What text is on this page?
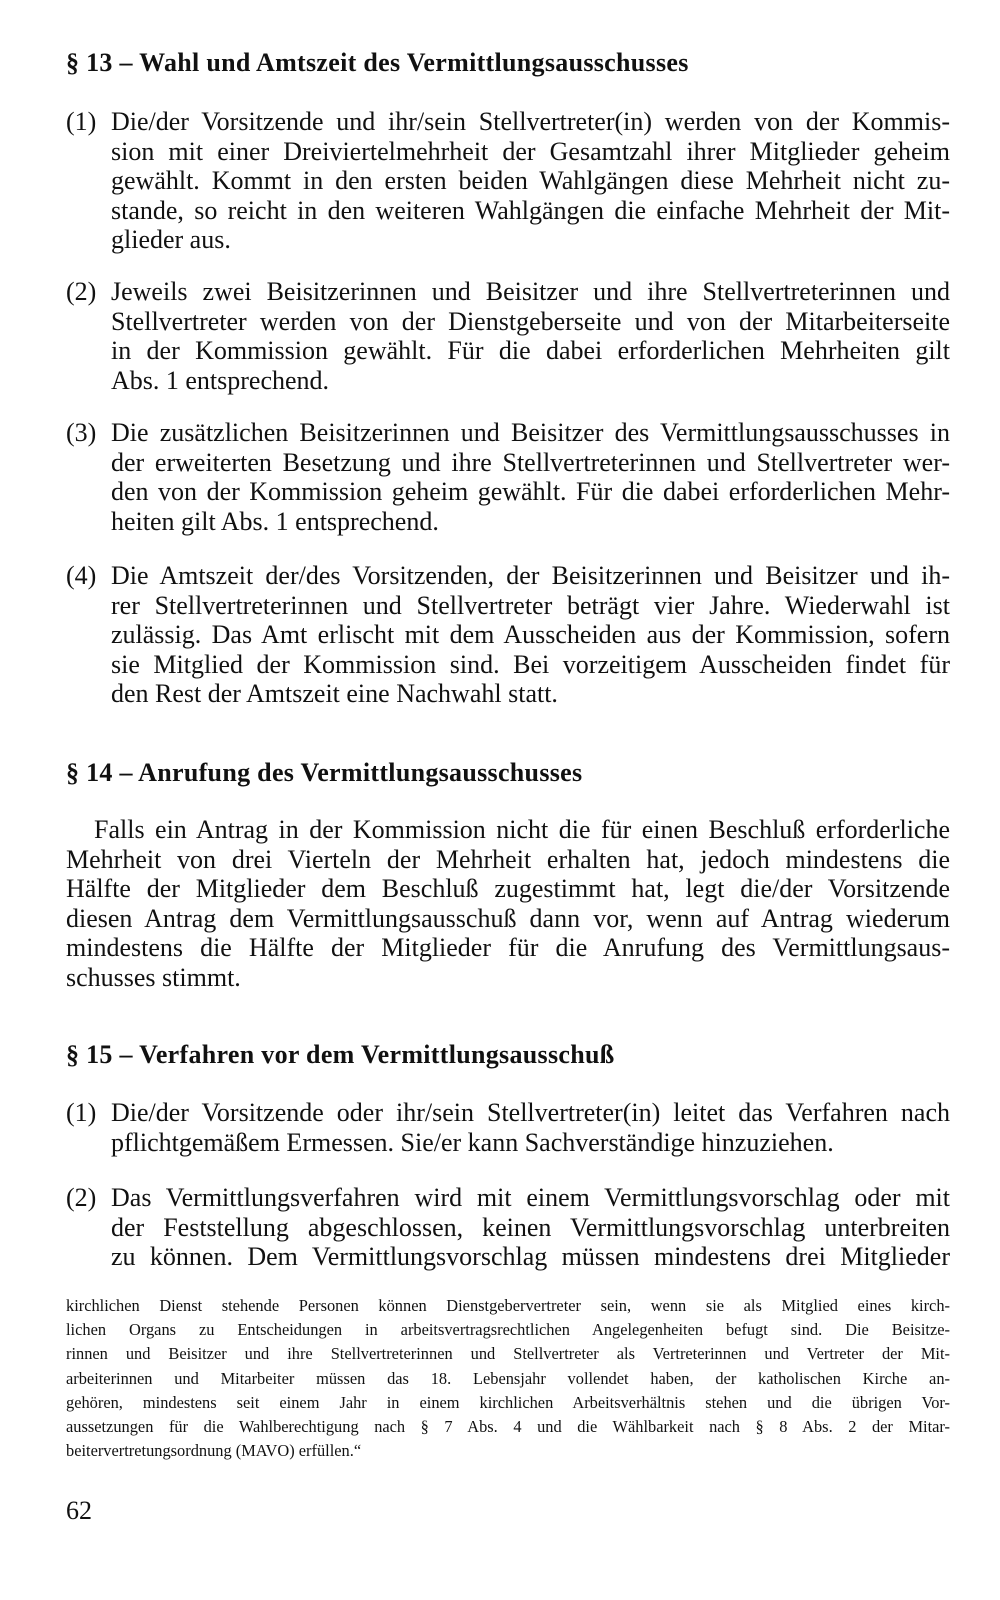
§ 13 – Wahl und Amtszeit des Vermittlungsausschusses
(1) Die/der Vorsitzende und ihr/sein Stellvertreter(in) werden von der Kommis-
sion mit einer Dreiviertelmehrheit der Gesamtzahl ihrer Mitglieder geheim
gewählt. Kommt in den ersten beiden Wahlgängen diese Mehrheit nicht zu-
stande, so reicht in den weiteren Wahlgängen die einfache Mehrheit der Mit-
glieder aus.
(2) Jeweils zwei Beisitzerinnen und Beisitzer und ihre Stellvertreterinnen und
Stellvertreter werden von der Dienstgeberseite und von der Mitarbeiterseite
in der Kommission gewählt. Für die dabei erforderlichen Mehrheiten gilt
Abs. 1 entsprechend.
(3) Die zusätzlichen Beisitzerinnen und Beisitzer des Vermittlungsausschusses in
der erweiterten Besetzung und ihre Stellvertreterinnen und Stellvertreter wer-
den von der Kommission geheim gewählt. Für die dabei erforderlichen Mehr-
heiten gilt Abs. 1 entsprechend.
(4) Die Amtszeit der/des Vorsitzenden, der Beisitzerinnen und Beisitzer und ih-
rer Stellvertreterinnen und Stellvertreter beträgt vier Jahre. Wiederwahl ist
zulässig. Das Amt erlischt mit dem Ausscheiden aus der Kommission, sofern
sie Mitglied der Kommission sind. Bei vorzeitigem Ausscheiden findet für
den Rest der Amtszeit eine Nachwahl statt.
§ 14 – Anrufung des Vermittlungsausschusses
Falls ein Antrag in der Kommission nicht die für einen Beschluß erforderliche
Mehrheit von drei Vierteln der Mehrheit erhalten hat, jedoch mindestens die
Hälfte der Mitglieder dem Beschluß zugestimmt hat, legt die/der Vorsitzende
diesen Antrag dem Vermittlungsausschuß dann vor, wenn auf Antrag wiederum
mindestens die Hälfte der Mitglieder für die Anrufung des Vermittlungsaus-
schusses stimmt.
§ 15 – Verfahren vor dem Vermittlungsausschuß
(1) Die/der Vorsitzende oder ihr/sein Stellvertreter(in) leitet das Verfahren nach
pflichtgemäßem Ermessen. Sie/er kann Sachverständige hinzuziehen.
(2) Das Vermittlungsverfahren wird mit einem Vermittlungsvorschlag oder mit
der Feststellung abgeschlossen, keinen Vermittlungsvorschlag unterbreiten
zu können. Dem Vermittlungsvorschlag müssen mindestens drei Mitglieder
kirchlichen Dienst stehende Personen können Dienstgebervertreter sein, wenn sie als Mitglied eines kirch-
lichen Organs zu Entscheidungen in arbeitsvertragsrechtlichen Angelegenheiten befugt sind. Die Beisitze-
rinnen und Beisitzer und ihre Stellvertreterinnen und Stellvertreter als Vertreterinnen und Vertreter der Mit-
arbeiterinnen und Mitarbeiter müssen das 18. Lebensjahr vollendet haben, der katholischen Kirche an-
gehören, mindestens seit einem Jahr in einem kirchlichen Arbeitsverhältnis stehen und die übrigen Vor-
aussetzungen für die Wahlberechtigung nach § 7 Abs. 4 und die Wählbarkeit nach § 8 Abs. 2 der Mitar-
beitervertretungsordnung (MAVO) erfüllen.“
62
